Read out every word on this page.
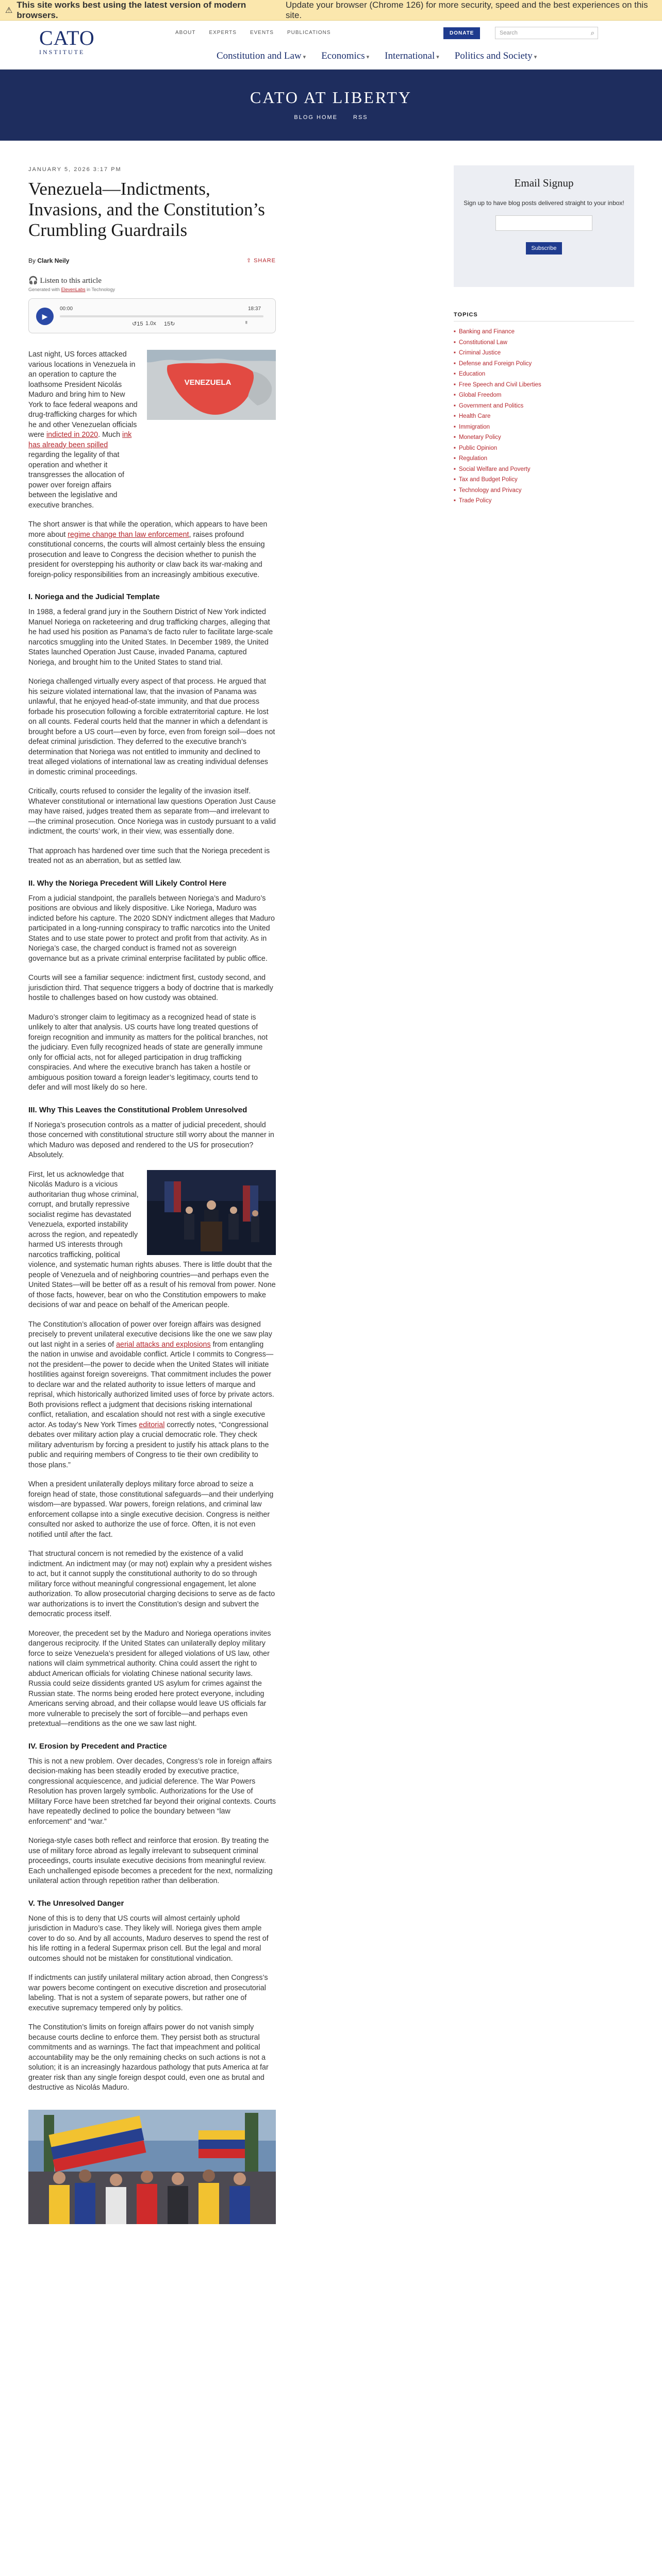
⚠
This site works best using the latest version of modern browsers.
Update your browser (Chrome 126) for more security, speed and the best experiences on this site.
CATO
INSTITUTE
ABOUT	EXPERTS	EVENTS	PUBLICATIONS	DONATE	Search	⌕
Constitution and Law ▾ Economics ▾ International ▾ Politics and Society ▾
CATO AT LIBERTY
BLOG HOME	RSS
JANUARY 5, 2026 3:17 PM
Venezuela—Indictments, Invasions, and the Constitution’s Crumbling Guardrails
By Clark Neily	⇪ SHARE
🎧 Listen to this article
Generated with ElevenLabs in Technology
▶
00:00	18:37
↺15 1.0x 15↻	ᴵᴵ
VENEZUELA

Last night, US forces attacked various locations in Venezuela in an operation to capture the loathsome President Nicolás Maduro and bring him to New York to face federal weapons and drug-trafficking charges for which he and other Venezuelan officials were indicted in 2020. Much ink has already been spilled regarding the legality of that operation and whether it transgresses the allocation of power over foreign affairs between the legislative and executive branches.

The short answer is that while the operation, which appears to have been more about regime change than law enforcement, raises profound constitutional concerns, the courts will almost certainly bless the ensuing prosecution and leave to Congress the decision whether to punish the president for overstepping his authority or claw back its war-making and foreign-policy responsibilities from an increasingly ambitious executive.

I. Noriega and the Judicial Template

In 1988, a federal grand jury in the Southern District of New York indicted Manuel Noriega on racketeering and drug trafficking charges, alleging that he had used his position as Panama’s de facto ruler to facilitate large-scale narcotics smuggling into the United States. In December 1989, the United States launched Operation Just Cause, invaded Panama, captured Noriega, and brought him to the United States to stand trial.

Noriega challenged virtually every aspect of that process. He argued that his seizure violated international law, that the invasion of Panama was unlawful, that he enjoyed head-of-state immunity, and that due process forbade his prosecution following a forcible extraterritorial capture. He lost on all counts. Federal courts held that the manner in which a defendant is brought before a US court—even by force, even from foreign soil—does not defeat criminal jurisdiction. They deferred to the executive branch’s determination that Noriega was not entitled to immunity and declined to treat alleged violations of international law as creating individual defenses in domestic criminal proceedings.

Critically, courts refused to consider the legality of the invasion itself. Whatever constitutional or international law questions Operation Just Cause may have raised, judges treated them as separate from—and irrelevant to—the criminal prosecution. Once Noriega was in custody pursuant to a valid indictment, the courts’ work, in their view, was essentially done.

That approach has hardened over time such that the Noriega precedent is treated not as an aberration, but as settled law.

II. Why the Noriega Precedent Will Likely Control Here

From a judicial standpoint, the parallels between Noriega’s and Maduro’s positions are obvious and likely dispositive. Like Noriega, Maduro was indicted before his capture. The 2020 SDNY indictment alleges that Maduro participated in a long-running conspiracy to traffic narcotics into the United States and to use state power to protect and profit from that activity. As in Noriega’s case, the charged conduct is framed not as sovereign governance but as a private criminal enterprise facilitated by public office.

Courts will see a familiar sequence: indictment first, custody second, and jurisdiction third. That sequence triggers a body of doctrine that is markedly hostile to challenges based on how custody was obtained.

Maduro’s stronger claim to legitimacy as a recognized head of state is unlikely to alter that analysis. US courts have long treated questions of foreign recognition and immunity as matters for the political branches, not the judiciary. Even fully recognized heads of state are generally immune only for official acts, not for alleged participation in drug trafficking conspiracies. And where the executive branch has taken a hostile or ambiguous position toward a foreign leader’s legitimacy, courts tend to defer and will most likely do so here.

III. Why This Leaves the Constitutional Problem Unresolved

If Noriega’s prosecution controls as a matter of judicial precedent, should those concerned with constitutional structure still worry about the manner in which Maduro was deposed and rendered to the US for prosecution? Absolutely.

First, let us acknowledge that Nicolás Maduro is a vicious authoritarian thug whose criminal, corrupt, and brutally repressive socialist regime has devastated Venezuela, exported instability across the region, and repeatedly harmed US interests through narcotics trafficking, political violence, and systematic human rights abuses. There is little doubt that the people of Venezuela and of neighboring countries—and perhaps even the United States—will be better off as a result of his removal from power. None of those facts, however, bear on who the Constitution empowers to make decisions of war and peace on behalf of the American people.

The Constitution’s allocation of power over foreign affairs was designed precisely to prevent unilateral executive decisions like the one we saw play out last night in a series of aerial attacks and explosions from entangling the nation in unwise and avoidable conflict. Article I commits to Congress—not the president—the power to decide when the United States will initiate hostilities against foreign sovereigns. That commitment includes the power to declare war and the related authority to issue letters of marque and reprisal, which historically authorized limited uses of force by private actors. Both provisions reflect a judgment that decisions risking international conflict, retaliation, and escalation should not rest with a single executive actor. As today’s New York Times editorial correctly notes, “Congressional debates over military action play a crucial democratic role. They check military adventurism by forcing a president to justify his attack plans to the public and requiring members of Congress to tie their own credibility to those plans.”

When a president unilaterally deploys military force abroad to seize a foreign head of state, those constitutional safeguards—and their underlying wisdom—are bypassed. War powers, foreign relations, and criminal law enforcement collapse into a single executive decision. Congress is neither consulted nor asked to authorize the use of force. Often, it is not even notified until after the fact.

That structural concern is not remedied by the existence of a valid indictment. An indictment may (or may not) explain why a president wishes to act, but it cannot supply the constitutional authority to do so through military force without meaningful congressional engagement, let alone authorization. To allow prosecutorial charging decisions to serve as de facto war authorizations is to invert the Constitution’s design and subvert the democratic process itself.

Moreover, the precedent set by the Maduro and Noriega operations invites dangerous reciprocity. If the United States can unilaterally deploy military force to seize Venezuela’s president for alleged violations of US law, other nations will claim symmetrical authority. China could assert the right to abduct American officials for violating Chinese national security laws. Russia could seize dissidents granted US asylum for crimes against the Russian state. The norms being eroded here protect everyone, including Americans serving abroad, and their collapse would leave US officials far more vulnerable to precisely the sort of forcible—and perhaps even pretextual—renditions as the one we saw last night.

IV. Erosion by Precedent and Practice

This is not a new problem. Over decades, Congress’s role in foreign affairs decision-making has been steadily eroded by executive practice, congressional acquiescence, and judicial deference. The War Powers Resolution has proven largely symbolic. Authorizations for the Use of Military Force have been stretched far beyond their original contexts. Courts have repeatedly declined to police the boundary between “law enforcement” and “war.”

Noriega-style cases both reflect and reinforce that erosion. By treating the use of military force abroad as legally irrelevant to subsequent criminal proceedings, courts insulate executive decisions from meaningful review. Each unchallenged episode becomes a precedent for the next, normalizing unilateral action through repetition rather than deliberation.

V. The Unresolved Danger

None of this is to deny that US courts will almost certainly uphold jurisdiction in Maduro’s case. They likely will. Noriega gives them ample cover to do so. And by all accounts, Maduro deserves to spend the rest of his life rotting in a federal Supermax prison cell. But the legal and moral outcomes should not be mistaken for constitutional vindication.

If indictments can justify unilateral military action abroad, then Congress’s war powers become contingent on executive discretion and prosecutorial labeling. That is not a system of separate powers, but rather one of executive supremacy tempered only by politics.

The Constitution’s limits on foreign affairs power do not vanish simply because courts decline to enforce them. They persist both as structural commitments and as warnings. The fact that impeachment and political accountability may be the only remaining checks on such actions is not a solution; it is an increasingly hazardous pathology that puts America at far greater risk than any single foreign despot could, even one as brutal and destructive as Nicolás Maduro.

Email Signup
Sign up to have blog posts delivered straight to your inbox!
Subscribe
TOPICS
■ Banking and Finance
■ Constitutional Law
■ Criminal Justice
■ Defense and Foreign Policy
■ Education
■ Free Speech and Civil Liberties
■ Global Freedom
■ Government and Politics
■ Health Care
■ Immigration
■ Monetary Policy
■ Public Opinion
■ Regulation
■ Social Welfare and Poverty
■ Tax and Budget Policy
■ Technology and Privacy
■ Trade Policy
